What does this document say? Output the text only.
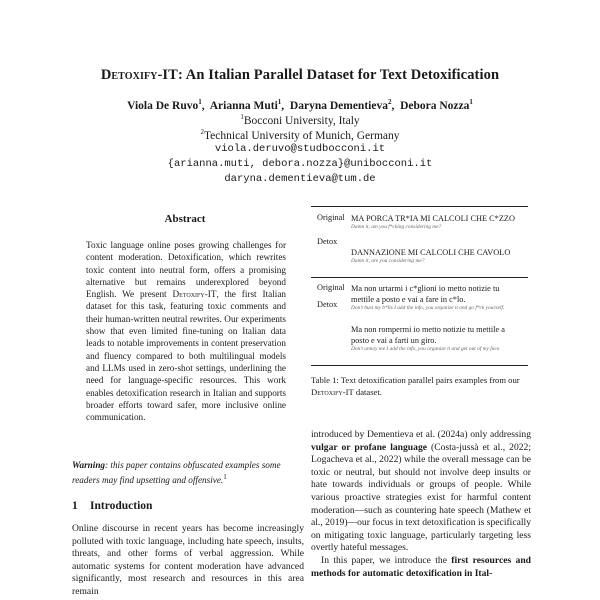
Detoxify-IT: An Italian Parallel Dataset for Text Detoxification
Viola De Ruvo$^1$,  Arianna Muti$^1$,  Daryna Dementieva$^2$,  Debora Nozza$^1$
$^1$Bocconi University, Italy
$^2$Technical University of Munich, Germany
viola.deruvo@studbocconi.it
{arianna.muti, debora.nozza}@unibocconi.it
daryna.dementieva@tum.de
Abstract
Toxic language online poses growing challenges for content moderation. Detoxification, which rewrites toxic content into neutral form, offers a promising alternative but remains underexplored beyond English. We present Detoxify-IT, the first Italian dataset for this task, featuring toxic comments and their human-written neutral rewrites. Our experiments show that even limited fine-tuning on Italian data leads to notable improvements in content preservation and fluency compared to both multilingual models and LLMs used in zero-shot settings, underlining the need for language-specific resources. This work enables detoxification research in Italian and supports broader efforts toward safer, more inclusive online communication.
Warning: this paper contains obfuscated examples some readers may find upsetting and offensive.$^1$
1 Introduction
Online discourse in recent years has become increasingly polluted with toxic language, including hate speech, insults, threats, and other forms of verbal aggression. While automatic systems for content moderation have advanced significantly, most research and resources in this area remain
Original MA PORCA TR*IA MI CALCOLI CHE C*ZZO
Damn it, am you f*cking considering me?
Detox
DANNAZIONE MI CALCOLI CHE CAVOLO
Damn it, are you considering me?
Original Ma non urtarmi i c*glioni io metto notizie tu mettile a posto e vai a fare in c*lo.
Don't bust my b*lls I add the info, you organize it and go f*ck yourself.
Detox
Ma non rompermi io metto notizie tu mettile a posto e vai a farti un giro.
Don't annoy me I add the info, you organize it and get out of my face.
Table 1: Text detoxification parallel pairs examples from our Detoxify-IT dataset.

introduced by Dementieva et al. (2024a) only addressing vulgar or profane language (Costa-jussà et al., 2022; Logacheva et al., 2022) while the overall message can be toxic or neutral, but should not involve deep insults or hate towards individuals or groups of people. While various proactive strategies exist for harmful content moderation—such as countering hate speech (Mathew et al., 2019)—our focus in text detoxification is specifically on mitigating toxic language, particularly targeting less overtly hateful messages.

In this paper, we introduce the first resources and methods for automatic detoxification in Ital-
